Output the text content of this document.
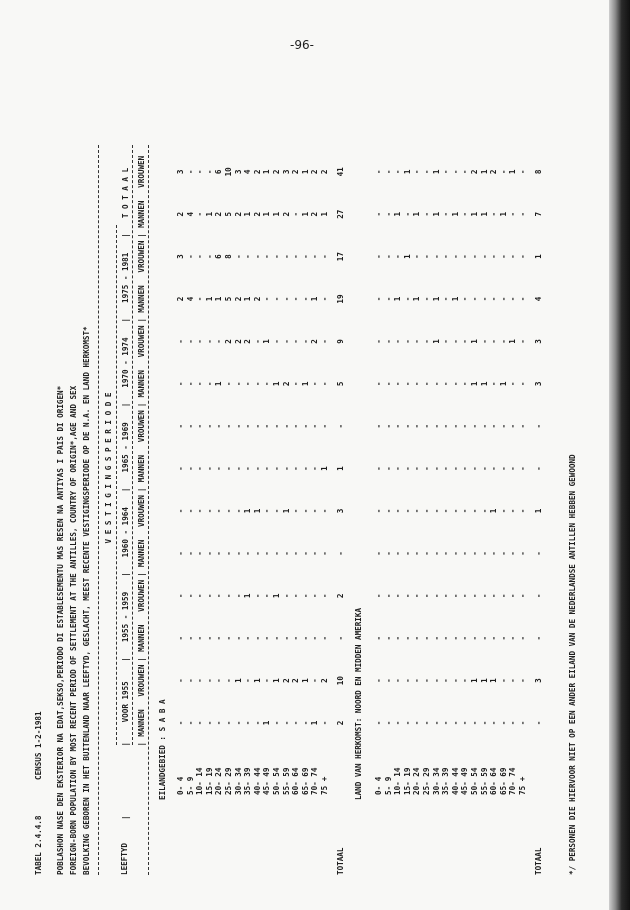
-96-
TABEL 2.4.4.8
CENSUS 1-2-1981 POBLASHON NASE DEN EKSTERIOR NA EDAT,SEKSO,PERIODO DI ESTABLESEMENTU MAS RESEN NA ANTIYAS I PAIS DI ORIGEN* FOREIGN-BORN POPULATION BY MOST RECENT PERIOD OF SETTLEMENT AT THE ANTILLES, COUNTRY OF ORIGIN*,AGE AND SEX BEVOLKING GEBOREN IN HET BUITENLAND NAAR LEEFTYD, GESLACHT, MEEST RECENTE VESTIGINGSPERIODE OP DE N.A. EN LAND HERKOMST* V E S T I G I N G S P E R I O D E
LEEFTYD
EILANDGEBIED : S A B A	LAND VAN HERKOMST: NOORD EN MIDDEN AMERIKA	*/ PERSONEN DIE HIERVOOR NIET OP EEN ANDER EILAND VAN DE NEDERLANDSE ANTILLEN HEBBEN GEWOOND
VOOR 1955
MANNEN
VROUWEN
| |
1955 - 1959 MANNEN
VROUWEN
| |
1960 - 1964 MANNEN
VROUWEN
| |
1965 - 1969 MANNEN
VROUWEN
| |
1970 - 1974 MANNEN
VROUWEN
| |
1975 - 1981 MANNEN
VROUWEN
| |
T O T A A L MANNEN
VROUWEN
| |
|
0- 4
-
-
-
-
-
-
-
-
-
-
2
3
2
3
5- 9
-
-
-
-
-
-
-
-
-
-
4
-
4
-
10- 14
-
-
-
-
-
-
-
-
-
-
-
-
-
-
15- 19
-
-
-
-
-
-
-
-
-
-
1
-
1
-
20- 24
-
-
-
-
-
-
-
-
1
-
1
6
2
6
25- 29
-
-
-
-
-
-
-
-
-
2
5
8
5
10
30- 34
-
1
-
-
-
-
-
-
-
2
2
-
2
3
35- 39
-
-
-
1
-
1
-
-
-
2
1
-
1
4
40- 44
-
1
-
-
-
1
-
-
-
-
2
-
2
2
45- 49
1
-
-
-
-
-
-
-
-
1
-
-
1
1
50- 54
-
1
-
1
-
-
-
-
1
-
-
-
1
2
55- 59
-
2
-
-
-
1
-
-
2
-
-
-
2
3
60- 64
-
2
-
-
-
-
-
-
-
-
-
-
-
2
65- 69
-
1
-
-
-
-
-
-
1
-
-
-
1
1
70- 74
1
-
-
-
-
-
-
-
-
2
1
-
2
2
75 +
-
2
-
-
-
-
1
-
-
-
-
-
1
2
TOTAAL
2
10
-
2
-
3
1
-
5
9
19
17
27
41
0- 4
-
-
-
-
-
-
-
-
-
-
-
-
-
-
5- 9
-
-
-
-
-
-
-
-
-
-
-
-
-
-
10- 14
-
-
-
-
-
-
-
-
-
-
1
-
1
-
15- 19
-
-
-
-
-
-
-
-
-
-
-
1
-
1
20- 24
-
-
-
-
-
-
-
-
-
-
1
-
1
-
25- 29
-
-
-
-
-
-
-
-
-
-
-
-
-
-
30- 34
-
-
-
-
-
-
-
-
-
1
1
-
1
1
35- 39
-
-
-
-
-
-
-
-
-
-
-
-
-
-
40- 44
-
-
-
-
-
-
-
-
-
-
1
-
1
-
45- 49
-
-
-
-
-
-
-
-
-
-
-
-
-
-
50- 54
-
1
-
-
-
-
-
-
1
1
-
-
1
2
55- 59
-
1
-
-
-
-
-
-
1
-
-
-
1
1
60- 64
-
1
-
-
-
1
-
-
-
-
-
-
-
2
65- 69
-
-
-
-
-
-
-
-
1
-
-
-
1
-
70- 74
-
-
-
-
-
-
-
-
-
1
-
-
-
1
75 +
-
-
-
-
-
-
-
-
-
-
-
-
-
-
TOTAAL
-
3
-
-
-
1
-
-
3
3
4
1
7
8
